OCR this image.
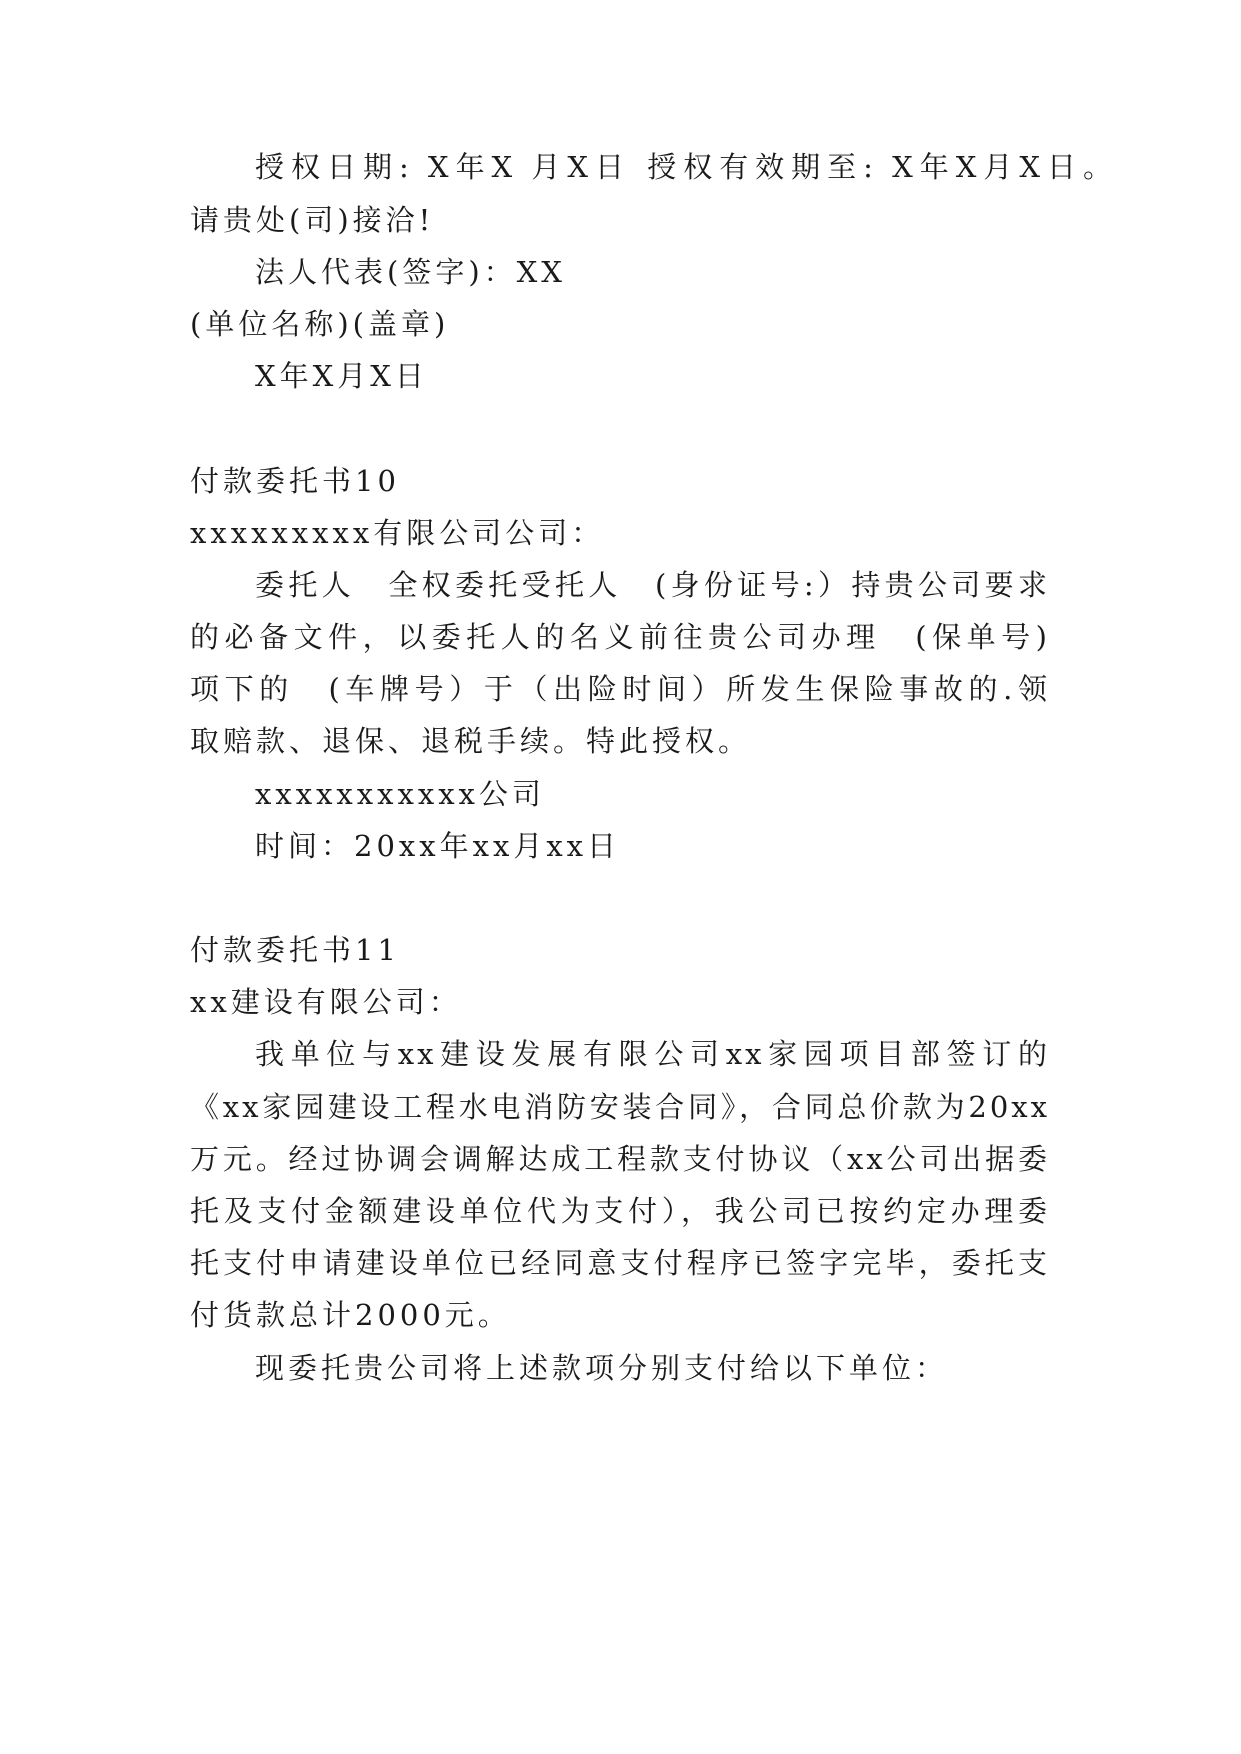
授权日期: X年X 月X日 授权有效期至: X年X月X日。
请贵处(司)接洽!
法人代表(签字)：XX
(单位名称)(盖章)
X年X月X日
付款委托书10
xxxxxxxxx有限公司公司：
委托人　全权委托受托人　(身份证号:）持贵公司要求
的必备文件，以委托人的名义前往贵公司办理　(保单号)
项下的　(车牌号）于（出险时间）所发生保险事故的.领
取赔款、退保、退税手续。特此授权。
xxxxxxxxxxx公司
时间：20xx年xx月xx日
付款委托书11
xx建设有限公司：
我单位与xx建设发展有限公司xx家园项目部签订的
《xx家园建设工程水电消防安装合同》，合同总价款为20xx
万元。经过协调会调解达成工程款支付协议（xx公司出据委
托及支付金额建设单位代为支付），我公司已按约定办理委
托支付申请建设单位已经同意支付程序已签字完毕，委托支
付货款总计2000元。
现委托贵公司将上述款项分别支付给以下单位：
